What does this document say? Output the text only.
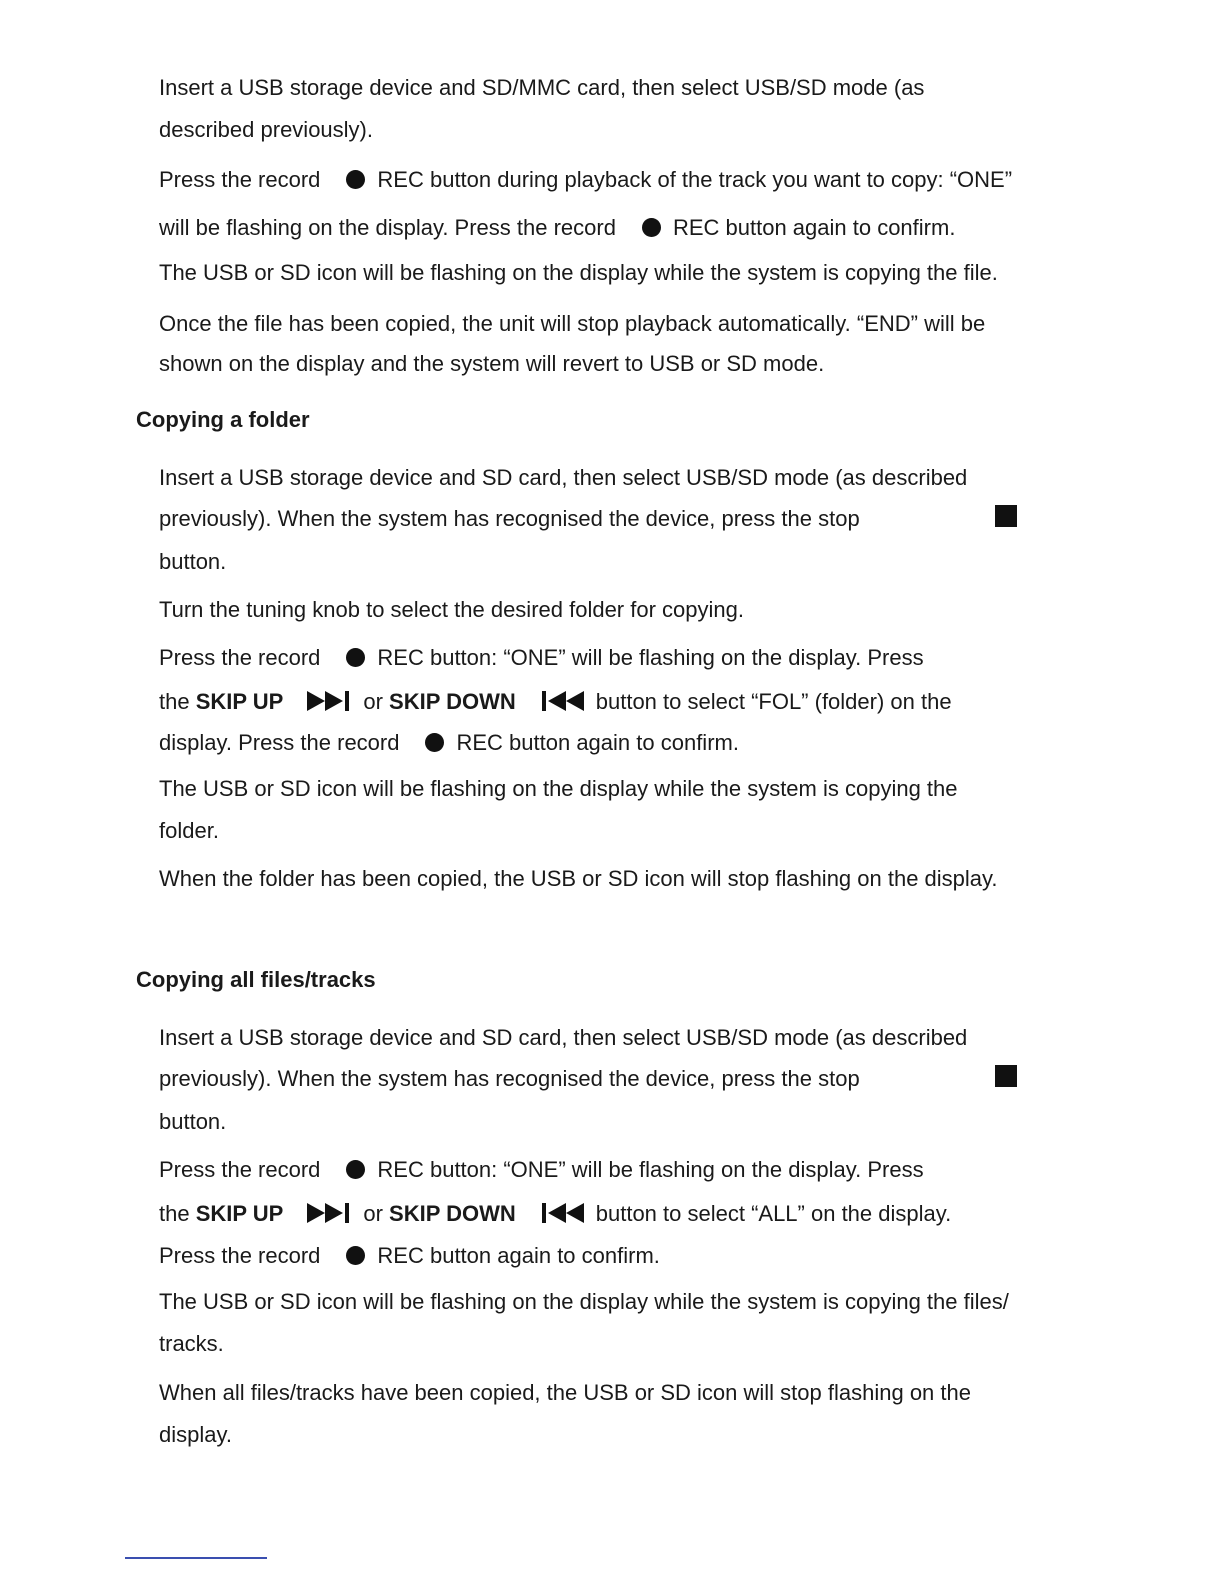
Insert a USB storage device and SD/MMC card, then select USB/SD mode (as

described previously).

Press the record	REC button during playback of the track you want to copy: “ONE”

will be flashing on the display. Press the record	REC button again to confirm.

The USB or SD icon will be flashing on the display while the system is copying the file.

Once the file has been copied, the unit will stop playback automatically. “END” will be

shown on the display and the system will revert to USB or SD mode.

Copying a folder

Insert a USB storage device and SD card, then select USB/SD mode (as described

previously). When the system has recognised the device, press the stop

button.

Turn the tuning knob to select the desired folder for copying.

Press the record	REC button: “ONE” will be flashing on the display. Press

the SKIP UP	or SKIP DOWN	button to select “FOL” (folder) on the

display. Press the record	REC button again to confirm.

The USB or SD icon will be flashing on the display while the system is copying the

folder.

When the folder has been copied, the USB or SD icon will stop flashing on the display.

Copying all files/tracks

Insert a USB storage device and SD card, then select USB/SD mode (as described

previously). When the system has recognised the device, press the stop

button.

Press the record	REC button: “ONE” will be flashing on the display. Press

the SKIP UP	or SKIP DOWN	button to select “ALL” on the display.

Press the record	REC button again to confirm.

The USB or SD icon will be flashing on the display while the system is copying the files/

tracks.

When all files/tracks have been copied, the USB or SD icon will stop flashing on the

display.
